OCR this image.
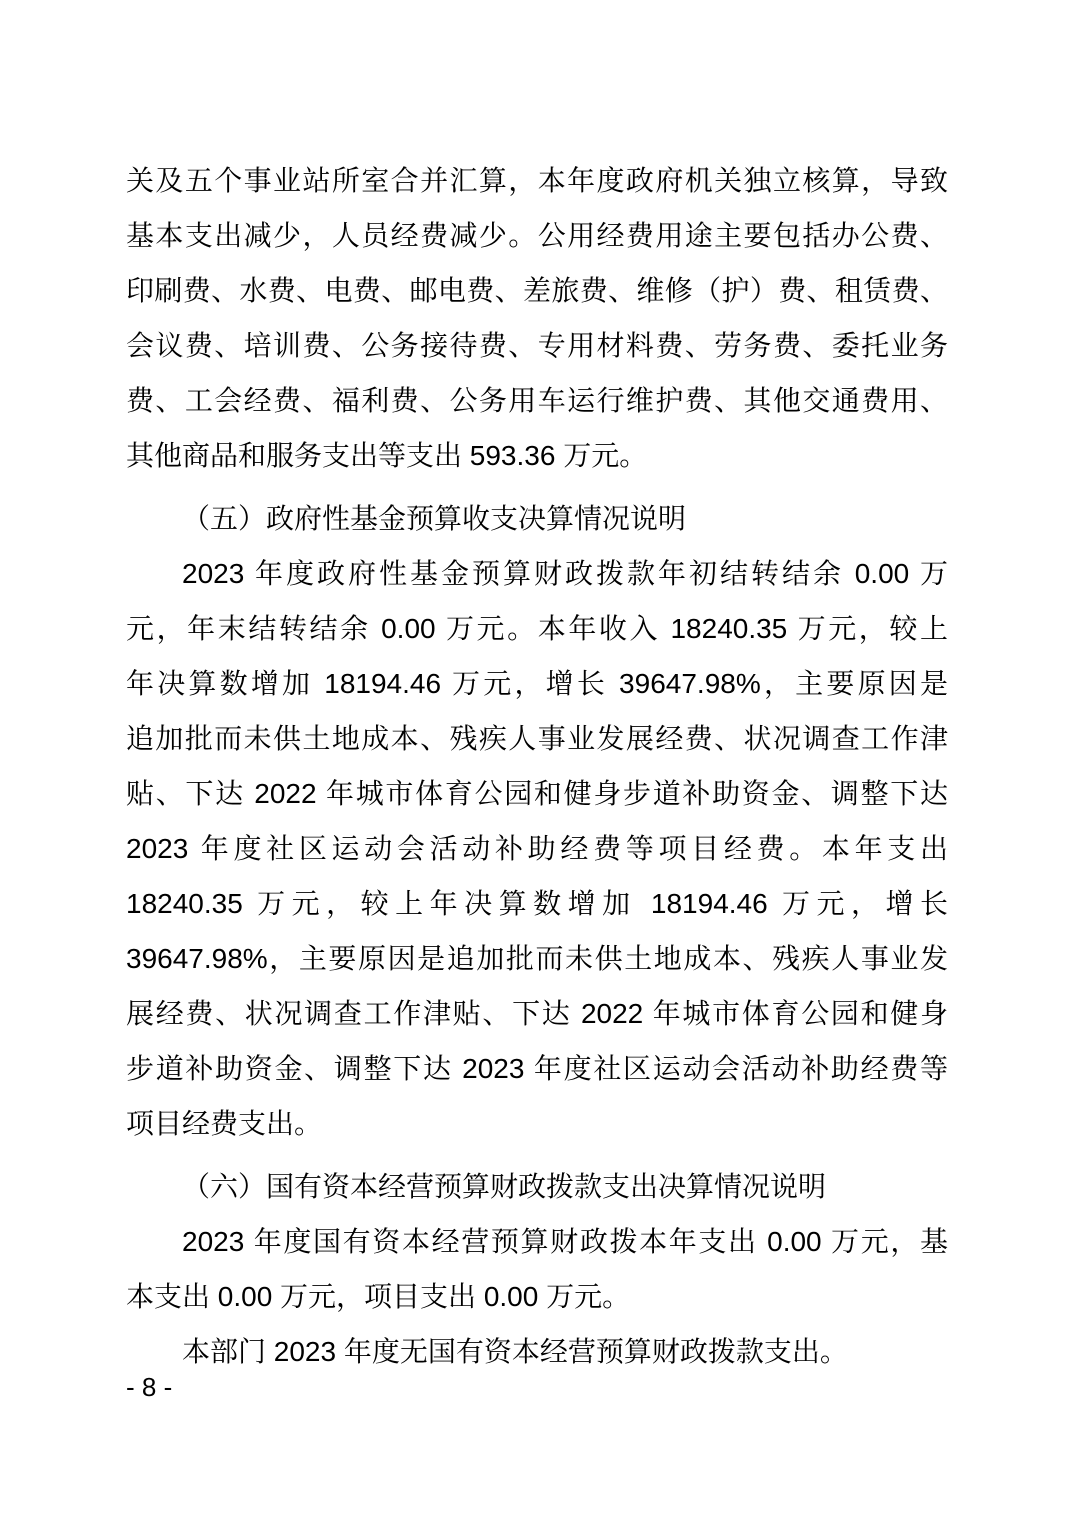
关及五个事业站所室合并汇算，本年度政府机关独立核算，导致
基本支出减少，人员经费减少。公用经费用途主要包括办公费、
印刷费、水费、电费、邮电费、差旅费、维修（护）费、租赁费、
会议费、培训费、公务接待费、专用材料费、劳务费、委托业务
费、工会经费、福利费、公务用车运行维护费、其他交通费用、
其他商品和服务支出等支出 593.36 万元。
（五）政府性基金预算收支决算情况说明
2023 年度政府性基金预算财政拨款年初结转结余 0.00 万
元，年末结转结余 0.00 万元。本年收入 18240.35 万元，较上
年决算数增加 18194.46 万元，增长 39647.98%，主要原因是
追加批而未供土地成本、残疾人事业发展经费、状况调查工作津
贴、下达 2022 年城市体育公园和健身步道补助资金、调整下达
2023 年度社区运动会活动补助经费等项目经费。本年支出
18240.35 万元，较上年决算数增加 18194.46 万元，增长
39647.98%，主要原因是追加批而未供土地成本、残疾人事业发
展经费、状况调查工作津贴、下达 2022 年城市体育公园和健身
步道补助资金、调整下达 2023 年度社区运动会活动补助经费等
项目经费支出。
（六）国有资本经营预算财政拨款支出决算情况说明
2023 年度国有资本经营预算财政拨本年支出 0.00 万元，基
本支出 0.00 万元，项目支出 0.00 万元。
本部门 2023 年度无国有资本经营预算财政拨款支出。
- 8 -
